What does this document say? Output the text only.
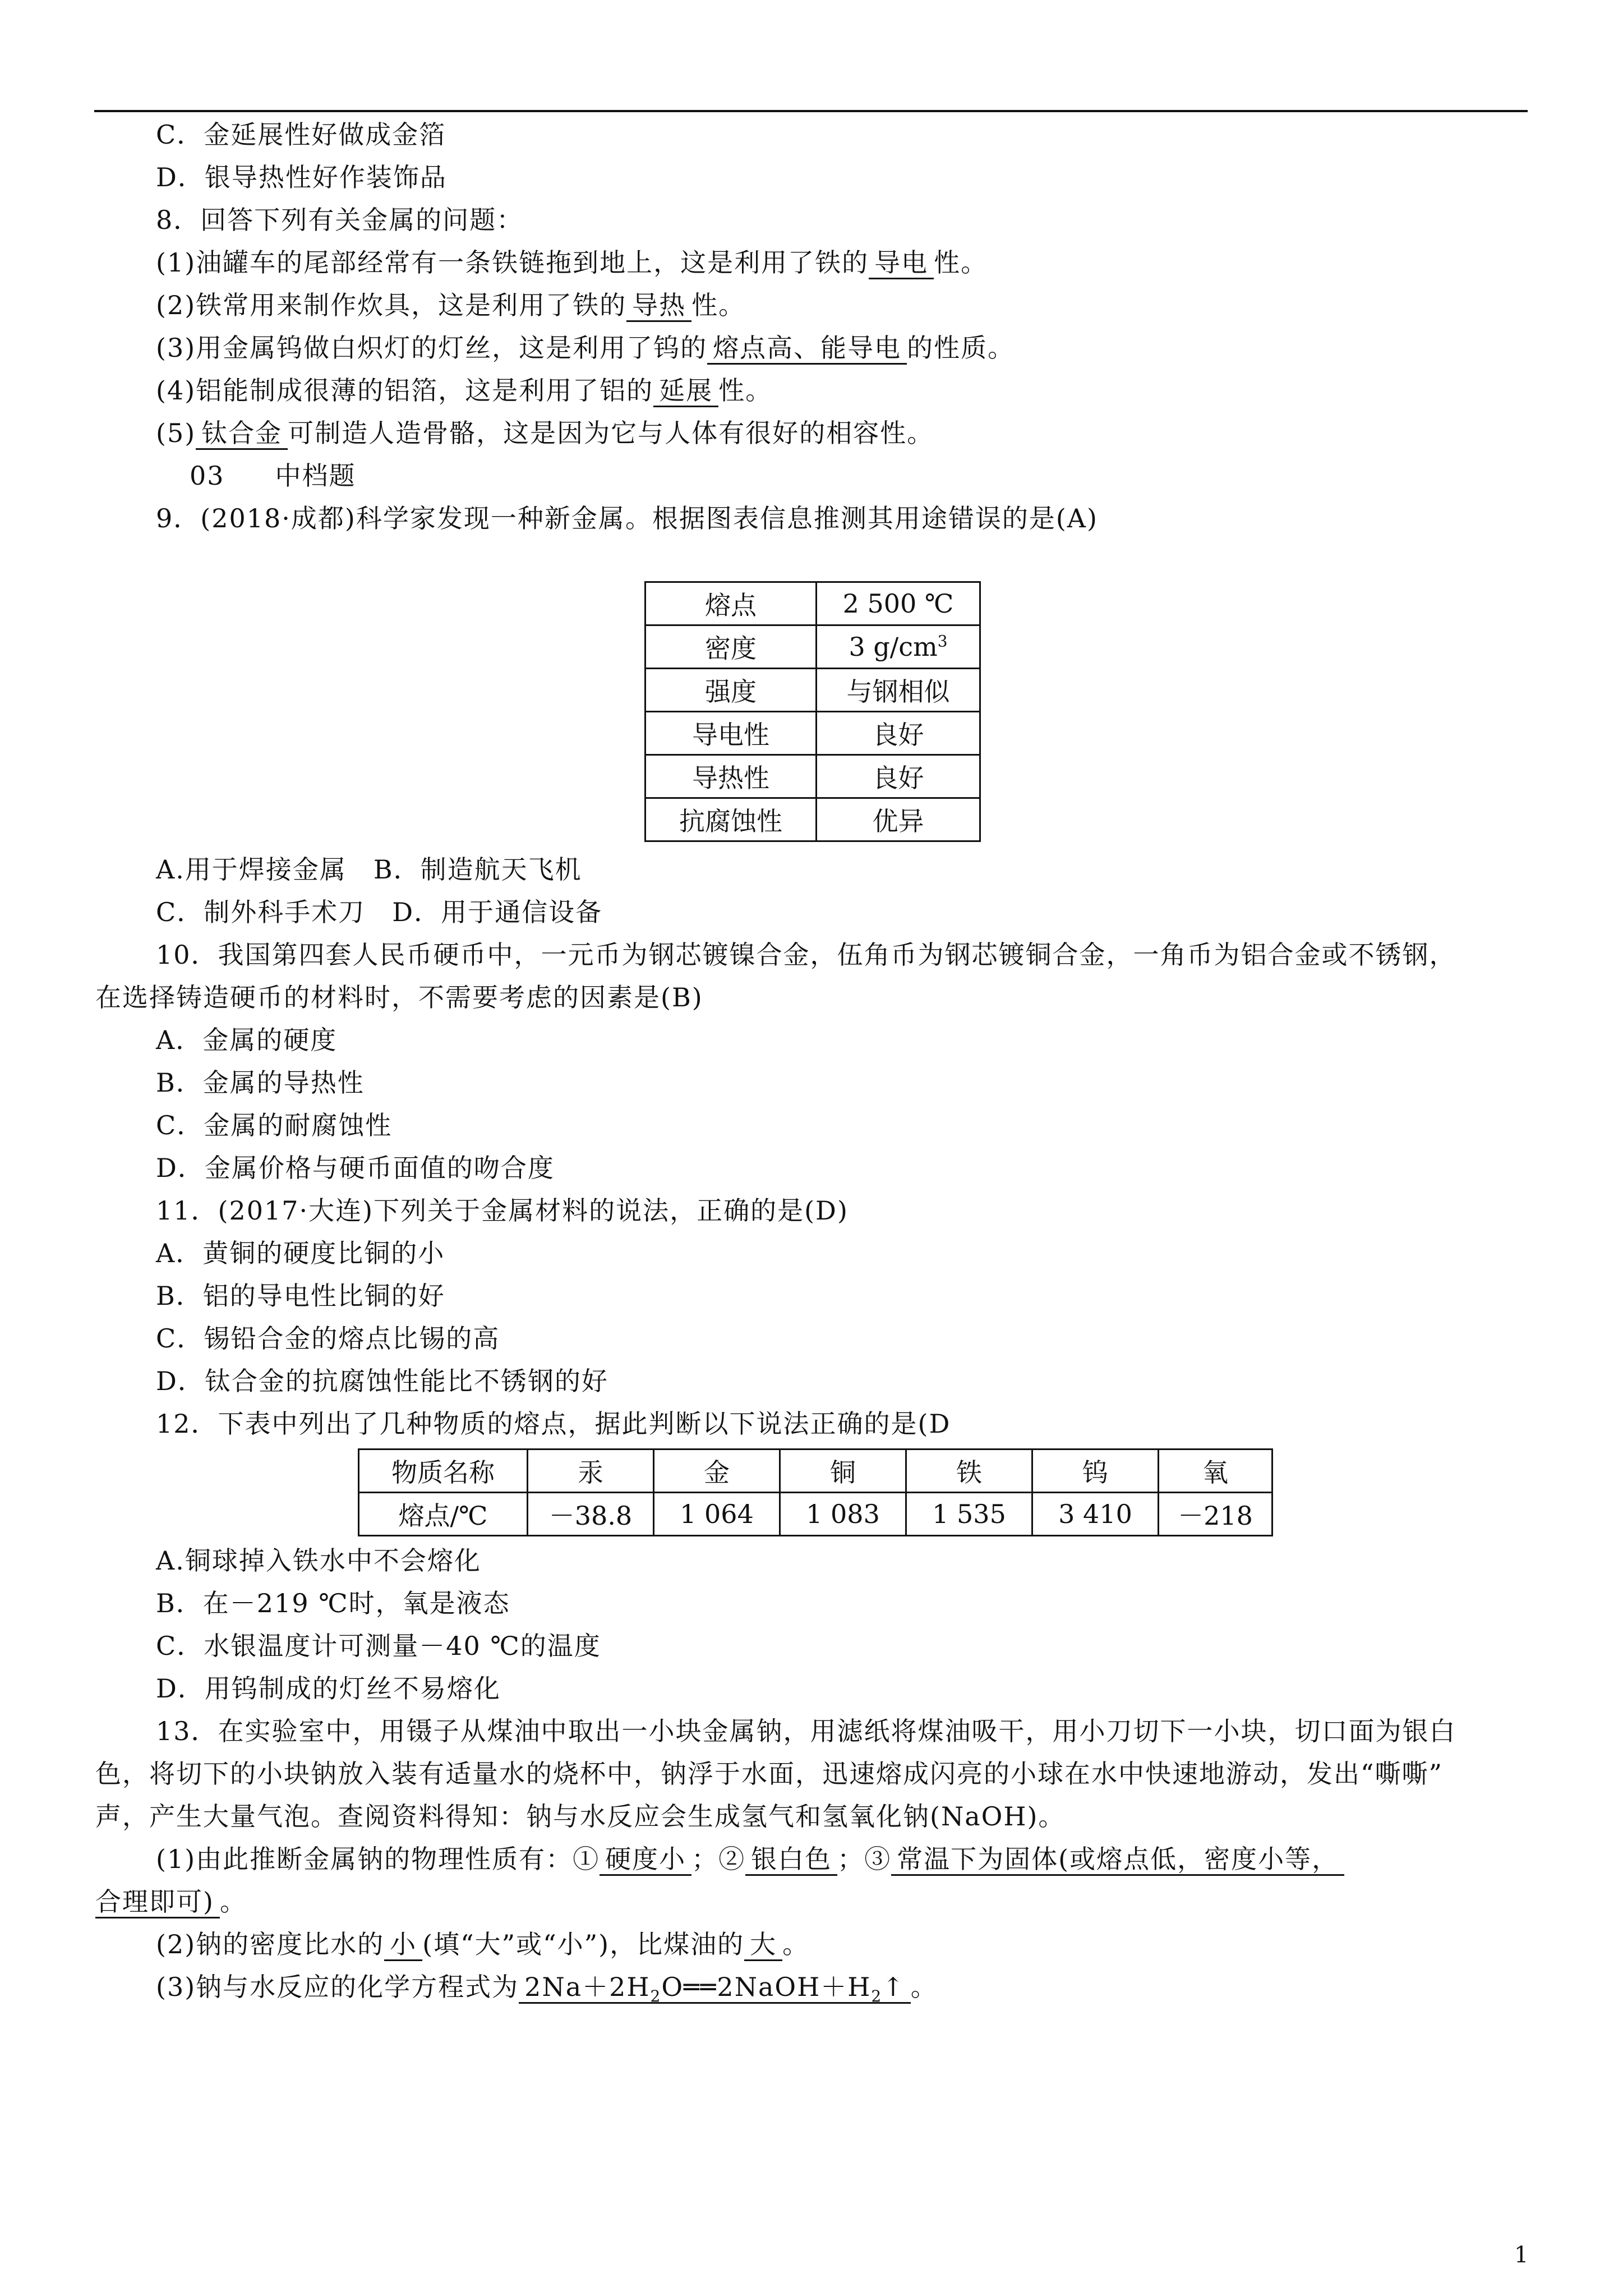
C．金延展性好做成金箔
D．银导热性好作装饰品
8．回答下列有关金属的问题：
(1)油罐车的尾部经常有一条铁链拖到地上，这是利用了铁的 导电 性。
(2)铁常用来制作炊具，这是利用了铁的 导热 性。
(3)用金属钨做白炽灯的灯丝，这是利用了钨的 熔点高、能导电 的性质。
(4)铝能制成很薄的铝箔，这是利用了铝的 延展 性。
(5) 钛合金 可制造人造骨骼，这是因为它与人体有很好的相容性。
03 中档题
9．(2018·成都)科学家发现一种新金属。根据图表信息推测其用途错误的是(A)
熔点	2 500 ℃
密度	3 $g/cm^3$
强度	与钢相似
导电性	良好
导热性	良好
抗腐蚀性	优异
A.用于焊接金属　B．制造航天飞机
C．制外科手术刀　D．用于通信设备
10．我国第四套人民币硬币中，一元币为钢芯镀镍合金，伍角币为钢芯镀铜合金，一角币为铝合金或不锈钢，
在选择铸造硬币的材料时，不需要考虑的因素是(B)
A．金属的硬度
B．金属的导热性
C．金属的耐腐蚀性
D．金属价格与硬币面值的吻合度
11．(2017·大连)下列关于金属材料的说法，正确的是(D)
A．黄铜的硬度比铜的小
B．铝的导电性比铜的好
C．锡铅合金的熔点比锡的高
D．钛合金的抗腐蚀性能比不锈钢的好
12．下表中列出了几种物质的熔点，据此判断以下说法正确的是(D
物质名称	汞	金	铜	铁	钨	氧
熔点/℃	－38.8	1 064	1 083	1 535	3 410	－218
A.铜球掉入铁水中不会熔化
B．在－219 ℃时，氧是液态
C．水银温度计可测量－40 ℃的温度
D．用钨制成的灯丝不易熔化
13．在实验室中，用镊子从煤油中取出一小块金属钠，用滤纸将煤油吸干，用小刀切下一小块，切口面为银白
色，将切下的小块钠放入装有适量水的烧杯中，钠浮于水面，迅速熔成闪亮的小球在水中快速地游动，发出“嘶嘶”
声，产生大量气泡。查阅资料得知：钠与水反应会生成氢气和氢氧化钠(NaOH)。
(1)由此推断金属钠的物理性质有：① 硬度小 ；② 银白色 ；③ 常温下为固体(或熔点低，密度小等，
合理即可) 。
(2)钠的密度比水的 小 (填“大”或“小”)，比煤油的 大 。
(3)钠与水反应的化学方程式为 $2Na+2H_2O══2NaOH+H_2↑$ 。
1
